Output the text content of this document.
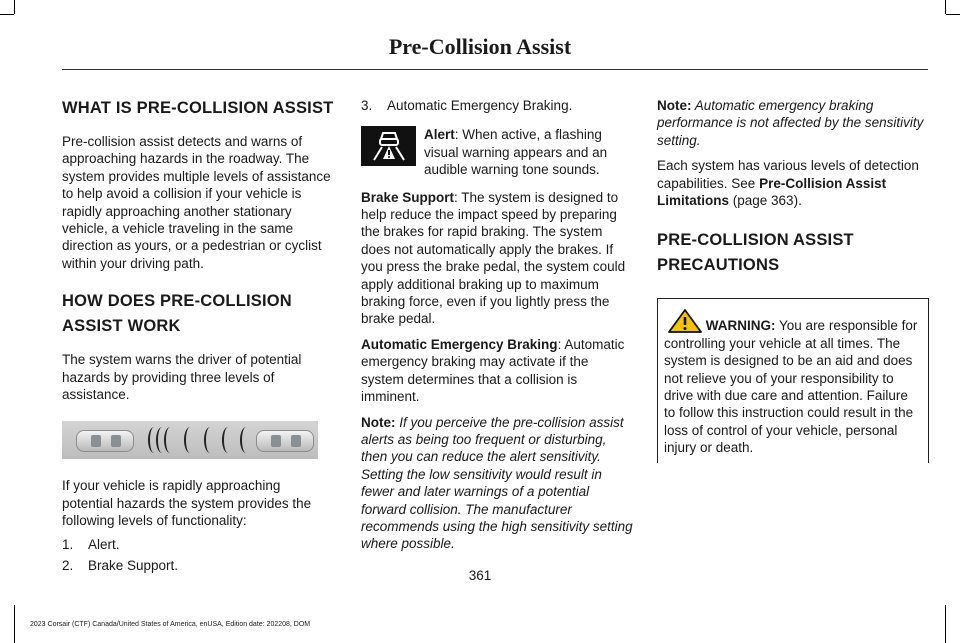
Pre-Collision Assist
WHAT IS PRE-COLLISION ASSIST

Pre-collision assist detects and warns of approaching hazards in the roadway. The system provides multiple levels of assistance to help avoid a collision if your vehicle is rapidly approaching another stationary vehicle, a vehicle traveling in the same direction as yours, or a pedestrian or cyclist within your driving path.

HOW DOES PRE-COLLISION
ASSIST WORK

The system warns the driver of potential hazards by providing three levels of assistance.

If your vehicle is rapidly approaching potential hazards the system provides the following levels of functionality:

1.	Alert.
2.	Brake Support.
3.	Automatic Emergency Braking.

Alert: When active, a flashing visual warning appears and an audible warning tone sounds.

Brake Support: The system is designed to help reduce the impact speed by preparing the brakes for rapid braking. The system does not automatically apply the brakes. If you press the brake pedal, the system could apply additional braking up to maximum braking force, even if you lightly press the brake pedal.

Automatic Emergency Braking: Automatic emergency braking may activate if the system determines that a collision is imminent.

Note: If you perceive the pre-collision assist alerts as being too frequent or disturbing, then you can reduce the alert sensitivity. Setting the low sensitivity would result in fewer and later warnings of a potential forward collision. The manufacturer recommends using the high sensitivity setting where possible.

Note: Automatic emergency braking performance is not affected by the sensitivity setting.

Each system has various levels of detection capabilities. See Pre-Collision Assist Limitations (page 363).

PRE-COLLISION ASSIST
PRECAUTIONS

WARNING: You are responsible for controlling your vehicle at all times. The system is designed to be an aid and does not relieve you of your responsibility to drive with due care and attention. Failure to follow this instruction could result in the loss of control of your vehicle, personal injury or death.

361
2023 Corsair (CTF) Canada/United States of America, enUSA, Edition date: 202208, DOM
